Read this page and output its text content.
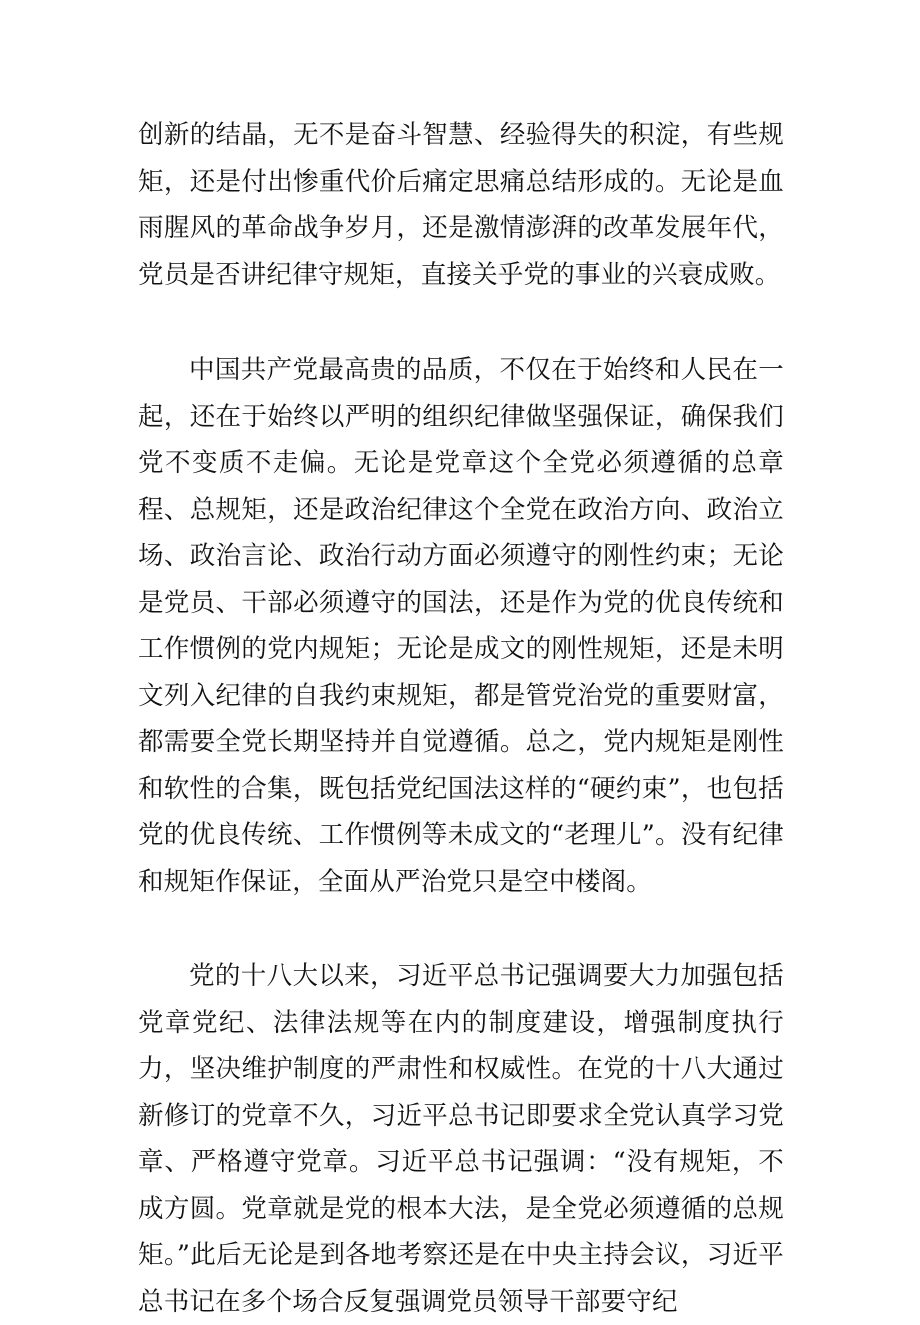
创新的结晶，无不是奋斗智慧、经验得失的积淀，有些规矩，还是付出惨重代价后痛定思痛总结形成的。无论是血雨腥风的革命战争岁月，还是激情澎湃的改革发展年代，党员是否讲纪律守规矩，直接关乎党的事业的兴衰成败。

中国共产党最高贵的品质，不仅在于始终和人民在一起，还在于始终以严明的组织纪律做坚强保证，确保我们党不变质不走偏。无论是党章这个全党必须遵循的总章程、总规矩，还是政治纪律这个全党在政治方向、政治立场、政治言论、政治行动方面必须遵守的刚性约束；无论是党员、干部必须遵守的国法，还是作为党的优良传统和工作惯例的党内规矩；无论是成文的刚性规矩，还是未明文列入纪律的自我约束规矩，都是管党治党的重要财富，都需要全党长期坚持并自觉遵循。总之，党内规矩是刚性和软性的合集，既包括党纪国法这样的“硬约束”，也包括党的优良传统、工作惯例等未成文的“老理儿”。没有纪律和规矩作保证，全面从严治党只是空中楼阁。

党的十八大以来，习近平总书记强调要大力加强包括党章党纪、法律法规等在内的制度建设，增强制度执行力，坚决维护制度的严肃性和权威性。在党的十八大通过新修订的党章不久，习近平总书记即要求全党认真学习党章、严格遵守党章。习近平总书记强调：“没有规矩，不成方圆。党章就是党的根本大法，是全党必须遵循的总规矩。”此后无论是到各地考察还是在中央主持会议，习近平总书记在多个场合反复强调党员领导干部要守纪
